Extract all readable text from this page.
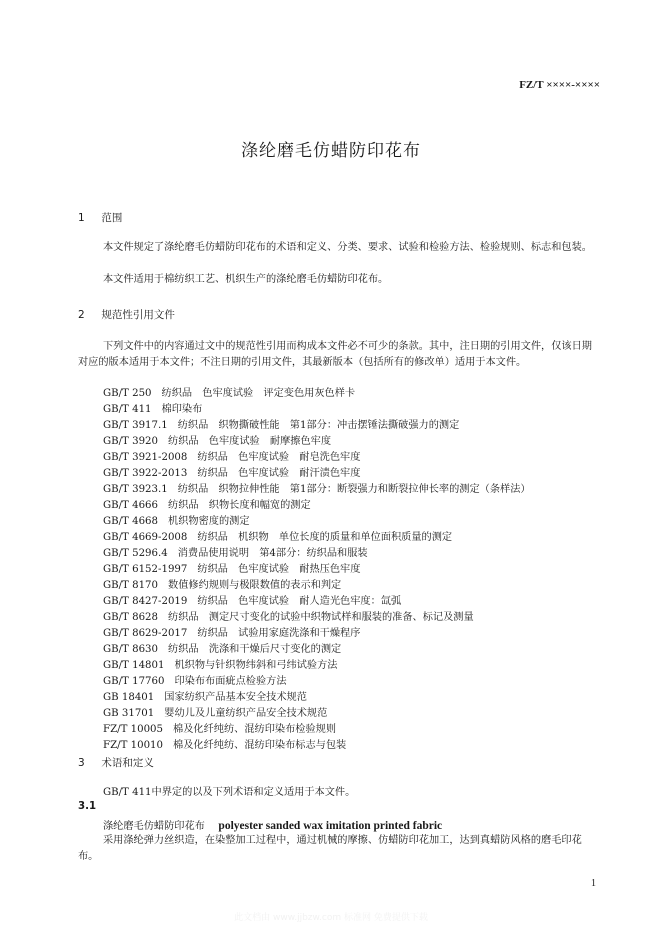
FZ/T ××××-××××
涤纶磨毛仿蜡防印花布
1 范围
本文件规定了涤纶磨毛仿蜡防印花布的术语和定义、分类、要求、试验和检验方法、检验规则、标志和包装。
本文件适用于棉纺织工艺、机织生产的涤纶磨毛仿蜡防印花布。
2 规范性引用文件
下列文件中的内容通过文中的规范性引用而构成本文件必不可少的条款。其中，注日期的引用文件，仅该日期对应的版本适用于本文件；不注日期的引用文件，其最新版本（包括所有的修改单）适用于本文件。
GB/T 250 纺织品　色牢度试验　评定变色用灰色样卡
GB/T 411 棉印染布
GB/T 3917.1 纺织品　织物撕破性能　第1部分：冲击摆锤法撕破强力的测定
GB/T 3920 纺织品　色牢度试验　耐摩擦色牢度
GB/T 3921-2008 纺织品　色牢度试验　耐皂洗色牢度
GB/T 3922-2013 纺织品　色牢度试验　耐汗渍色牢度
GB/T 3923.1 纺织品　织物拉伸性能　第1部分：断裂强力和断裂拉伸长率的测定（条样法）
GB/T 4666 纺织品　织物长度和幅宽的测定
GB/T 4668 机织物密度的测定
GB/T 4669-2008 纺织品　机织物　单位长度的质量和单位面积质量的测定
GB/T 5296.4 消费品使用说明　第4部分：纺织品和服装
GB/T 6152-1997 纺织品　色牢度试验　耐热压色牢度
GB/T 8170 数值修约规则与极限数值的表示和判定
GB/T 8427-2019 纺织品　色牢度试验　耐人造光色牢度：氙弧
GB/T 8628 纺织品　测定尺寸变化的试验中织物试样和服装的准备、标记及测量
GB/T 8629-2017 纺织品　试验用家庭洗涤和干燥程序
GB/T 8630 纺织品　洗涤和干燥后尺寸变化的测定
GB/T 14801 机织物与针织物纬斜和弓纬试验方法
GB/T 17760 印染布布面疵点检验方法
GB 18401 国家纺织产品基本安全技术规范
GB 31701 婴幼儿及儿童纺织产品安全技术规范
FZ/T 10005 棉及化纤纯纺、混纺印染布检验规则
FZ/T 10010 棉及化纤纯纺、混纺印染布标志与包装
3 术语和定义
GB/T 411中界定的以及下列术语和定义适用于本文件。
3.1
涤纶磨毛仿蜡防印花布 polyester sanded wax imitation printed fabric
采用涤纶弹力丝织造，在染整加工过程中，通过机械的摩擦、仿蜡防印花加工，达到真蜡防风格的磨毛印花布。
1
此文档由 www.jjbzw.com 标准网 免费提供下载
